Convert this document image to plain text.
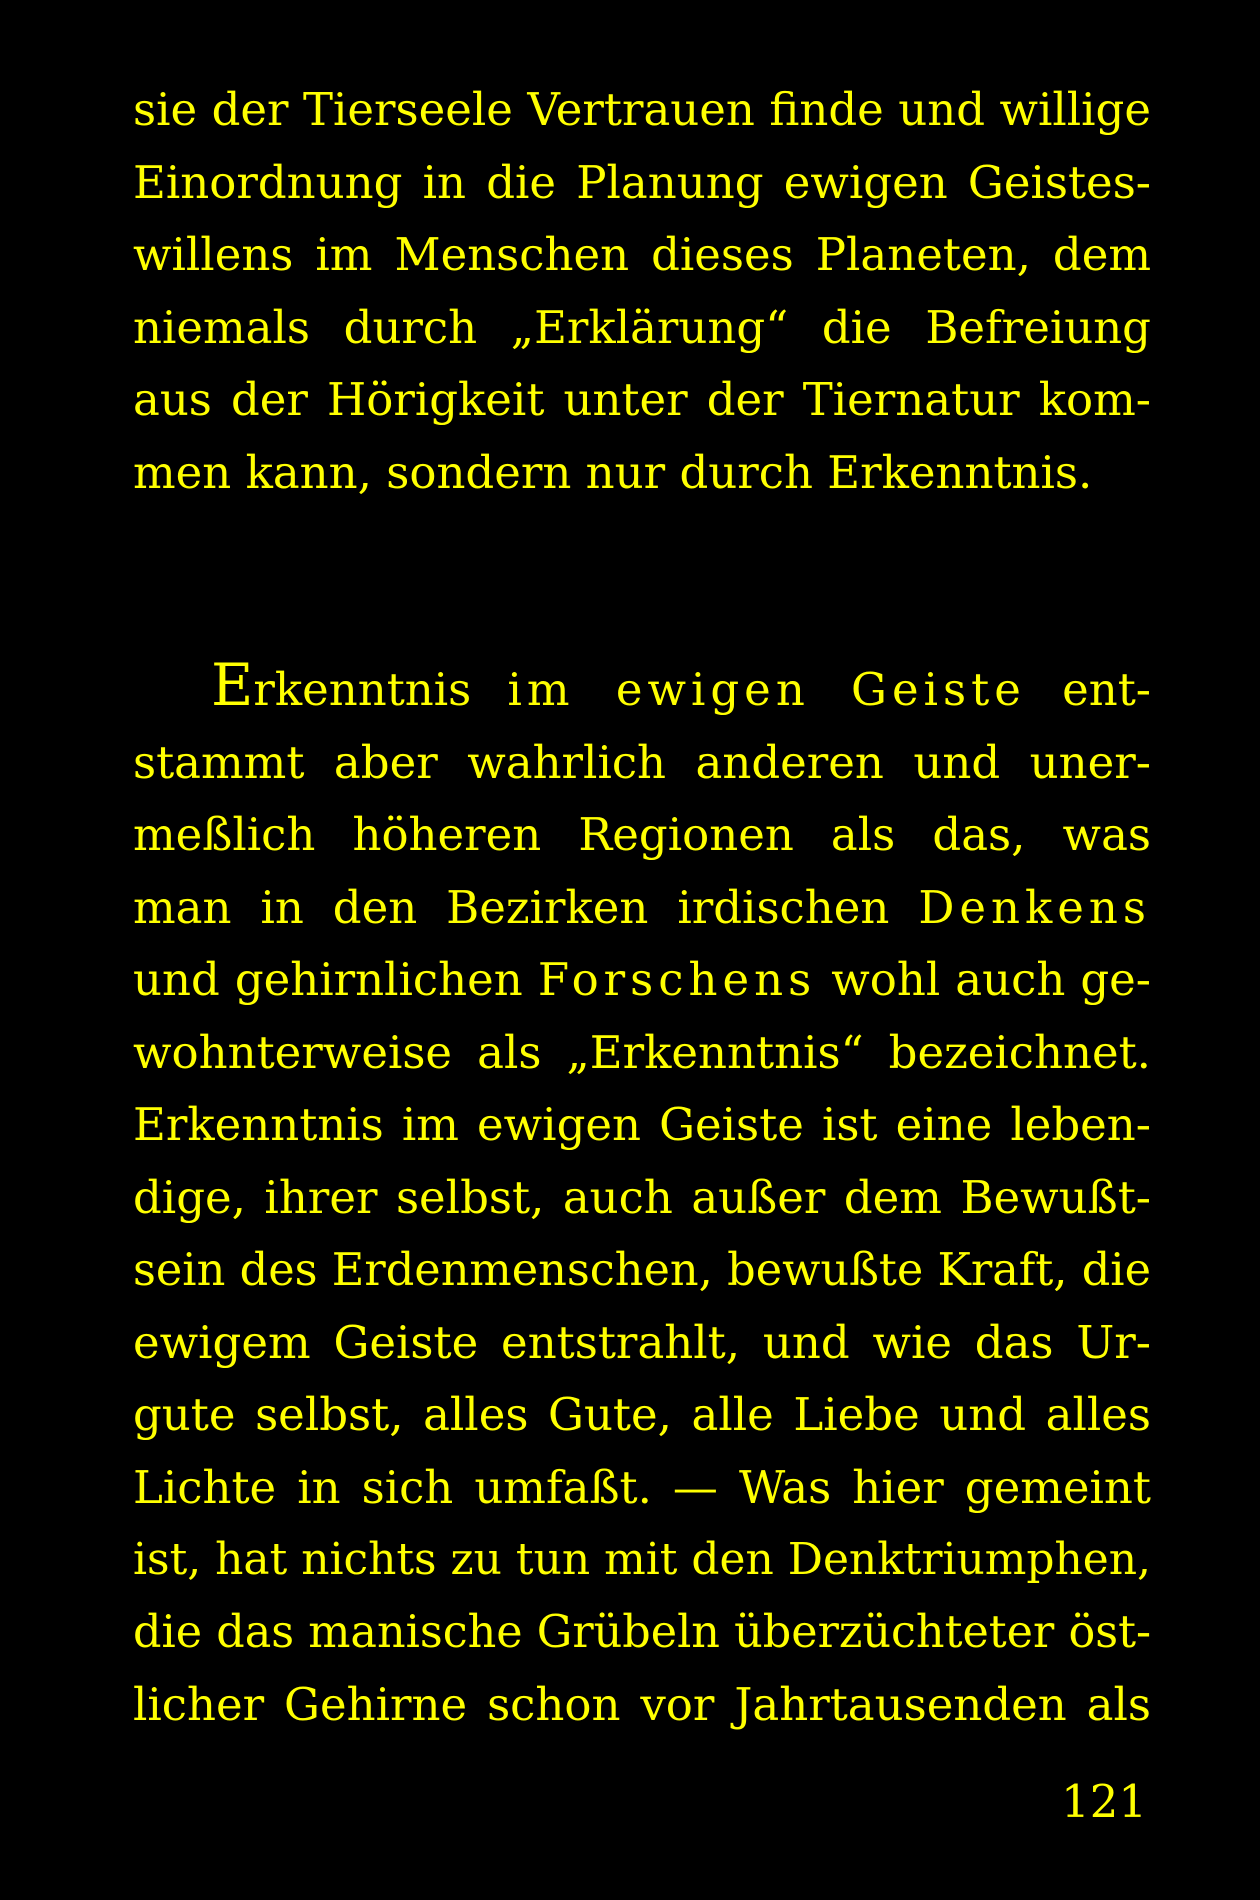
sie der Tierseele Vertrauen finde und willige
Einordnung in die Planung ewigen Geistes-
willens im Menschen dieses Planeten, dem
niemals durch „Erklärung“ die Befreiung
aus der Hörigkeit unter der Tiernatur kom-
men kann, sondern nur durch Erkenntnis.
Erkenntnis im ewigen Geiste ent-
stammt aber wahrlich anderen und uner-
meßlich höheren Regionen als das, was
man in den Bezirken irdischen Denkens
und gehirnlichen Forschens wohl auch ge-
wohnterweise als „Erkenntnis“ bezeichnet.
Erkenntnis im ewigen Geiste ist eine leben-
dige, ihrer selbst, auch außer dem Bewußt-
sein des Erdenmenschen, bewußte Kraft, die
ewigem Geiste entstrahlt, und wie das Ur-
gute selbst, alles Gute, alle Liebe und alles
Lichte in sich umfaßt. — Was hier gemeint
ist, hat nichts zu tun mit den Denktriumphen,
die das manische Grübeln überzüchteter öst-
licher Gehirne schon vor Jahrtausenden als
121
